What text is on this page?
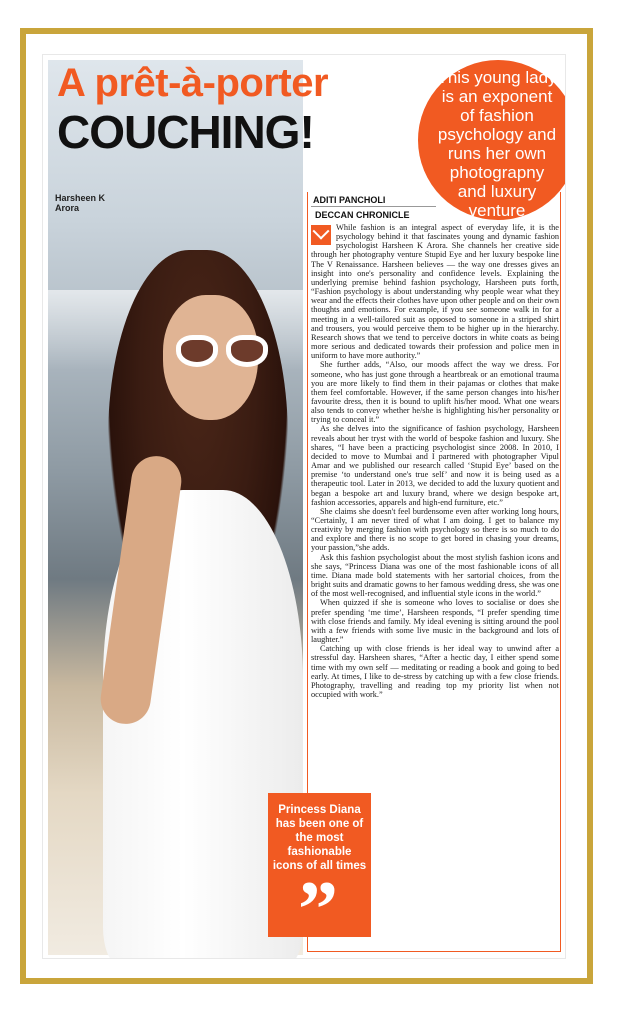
A prêt-à-porter
COUCHING!
Harsheen K Arora
This young lady is an exponent of fashion psychology and runs her own photograpny and luxury venture
ADITI PANCHOLI
DECCAN CHRONICLE

While fashion is an integral aspect of everyday life, it is the psychology behind it that fascinates young and dynamic fashion psychologist Harsheen K Arora. She channels her creative side through her photography venture Stupid Eye and her luxury bespoke line The V Renaissance. Harsheen believes — the way one dresses gives an insight into one's personality and confidence levels. Explaining the underlying premise behind fashion psychology, Harsheen puts forth, “Fashion psychology is about understanding why people wear what they wear and the effects their clothes have upon other people and on their own thoughts and emotions. For example, if you see someone walk in for a meeting in a well-tailored suit as opposed to someone in a striped shirt and trousers, you would perceive them to be higher up in the hierarchy. Research shows that we tend to perceive doctors in white coats as being more serious and dedicated towards their profession and police men in uniform to have more authority.”

She further adds, “Also, our moods affect the way we dress. For someone, who has just gone through a heartbreak or an emotional trauma you are more likely to find them in their pajamas or clothes that make them feel comfortable. However, if the same person changes into his/her favourite dress, then it is bound to uplift his/her mood. What one wears also tends to convey whether he/she is highlighting his/her personality or trying to conceal it.”

As she delves into the significance of fashion psychology, Harsheen reveals about her tryst with the world of bespoke fashion and luxury. She shares, “I have been a practicing psychologist since 2008. In 2010, I decided to move to Mumbai and I partnered with photographer Vipul Amar and we published our research called ‘Stupid Eye’ based on the premise ‘to understand one's true self’ and now it is being used as a therapeutic tool. Later in 2013, we decided to add the luxury quotient and began a bespoke art and luxury brand, where we design bespoke art, fashion accessories, apparels and high-end furniture, etc.”

She claims she doesn't feel burdensome even after working long hours, “Certainly, I am never tired of what I am doing. I get to balance my creativity by merging fashion with psychology so there is so much to do and explore and there is no scope to get bored in chasing your dreams, your passion,”she adds.

Ask this fashion psychologist about the most stylish fashion icons and she says, “Princess Diana was one of the most fashionable icons of all time. Diana made bold statements with her sartorial choices, from the bright suits and dramatic gowns to her famous wedding dress, she was one of the most well-recognised, and influential style icons in the world.”

When quizzed if she is someone who loves to socialise or does she prefer spending ‘me time’, Harsheen responds, “I prefer spending time with close friends and family. My ideal evening is sitting around the pool with a few friends with some live music in the background and lots of laughter.”

Catching up with close friends is her ideal way to unwind after a stressful day. Harsheen shares, “After a hectic day, I either spend some time with my own self — meditating or reading a book and going to bed early. At times, I like to de-stress by catching up with a few close friends. Photography, travelling and reading top my priority list when not occupied with work.”

Princess Diana has been one of the most fashionable icons of all times
”
